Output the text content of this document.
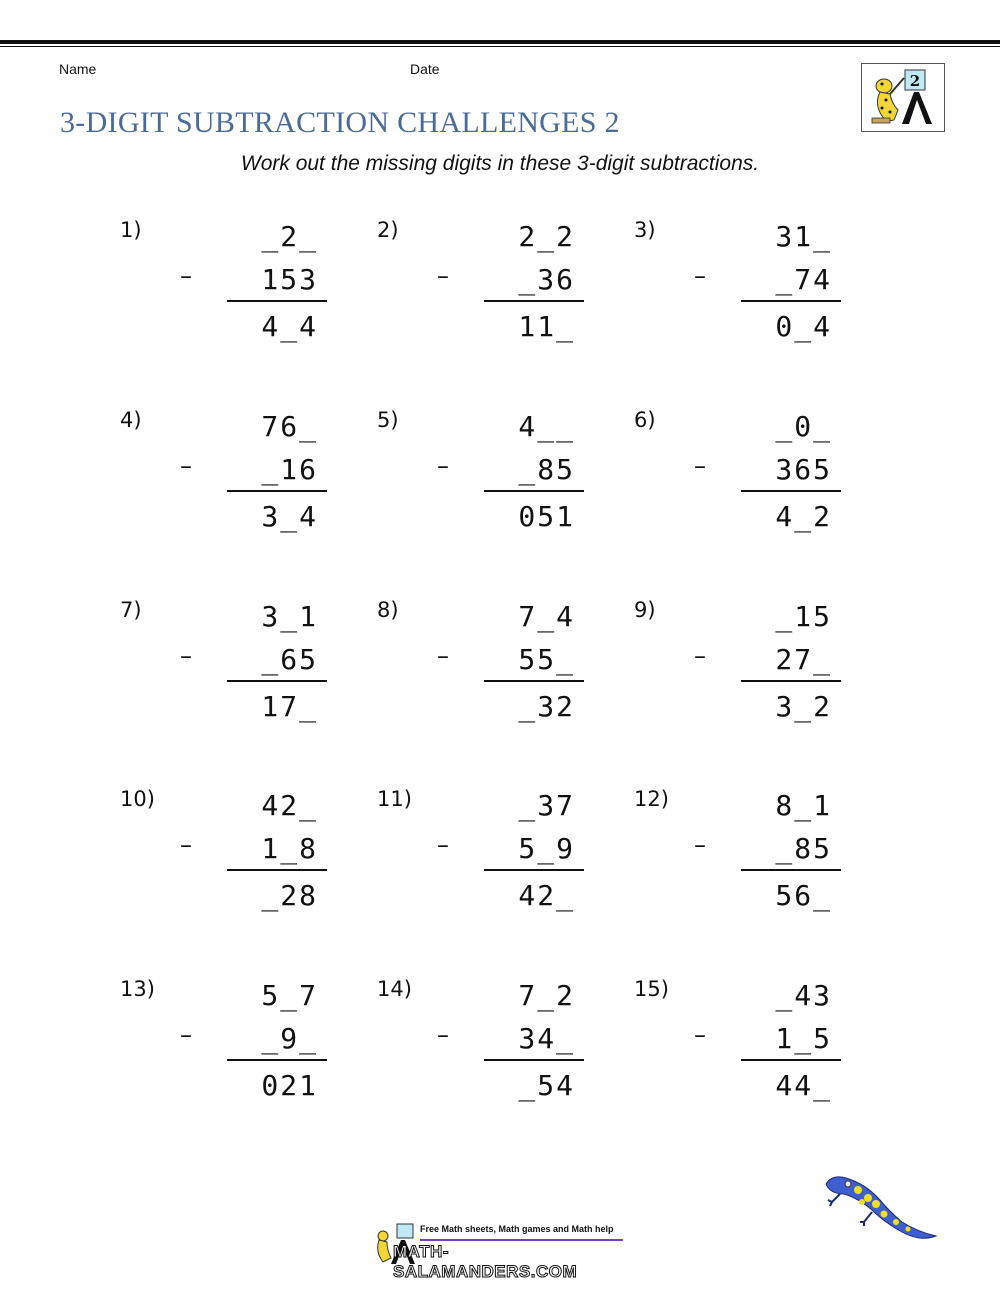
Name	Date
3-DIGIT SUBTRACTION CHALLENGES 2
Work out the missing digits in these 3-digit subtractions.
2
1)
–
_2_
153
4_4
2)
–
2_2
_36
11_
3)
–
31_
_74
0_4
4)
–
76_
_16
3_4
5)
–
4__
_85
051
6)
–
_0_
365
4_2
7)
–
3_1
_65
17_
8)
–
7_4
55_
_32
9)
–
_15
27_
3_2
10)
–
42_
1_8
_28
11)
–
_37
5_9
42_
12)
–
8_1
_85
56_
13)
–
5_7
_9_
021
14)
–
7_2
34_
_54
15)
–
_43
1_5
44_
Free Math sheets, Math games and Math help
MATH-SALAMANDERS.COM
